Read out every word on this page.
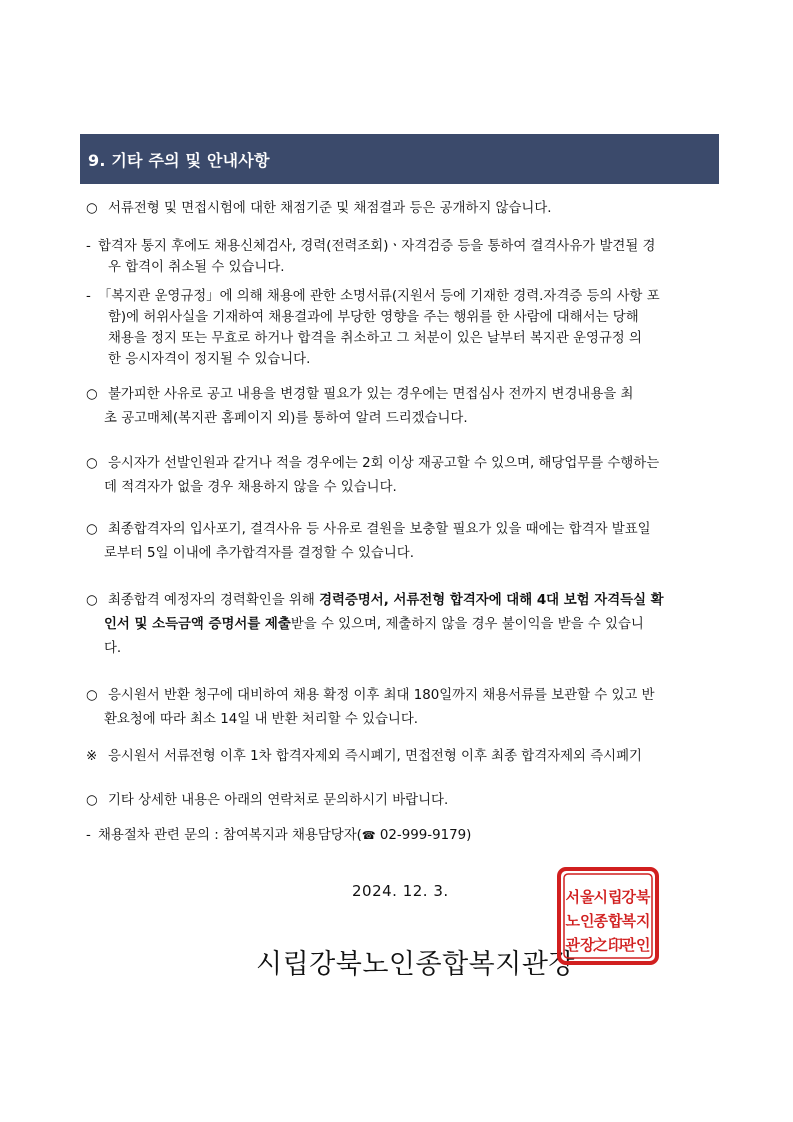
9. 기타 주의 및 안내사항
○ 서류전형 및 면접시험에 대한 채점기준 및 채점결과 등은 공개하지 않습니다.
- 합격자 통지 후에도 채용신체검사, 경력(전력조회)ㆍ자격검증 등을 통하여 결격사유가 발견될 경
우 합격이 취소될 수 있습니다.
- 「복지관 운영규정」에 의해 채용에 관한 소명서류(지원서 등에 기재한 경력.자격증 등의 사항 포
함)에 허위사실을 기재하여 채용결과에 부당한 영향을 주는 행위를 한 사람에 대해서는 당해
채용을 정지 또는 무효로 하거나 합격을 취소하고 그 처분이 있은 날부터 복지관 운영규정 의
한 응시자격이 정지될 수 있습니다.
○ 불가피한 사유로 공고 내용을 변경할 필요가 있는 경우에는 면접심사 전까지 변경내용을 최
초 공고매체(복지관 홈페이지 외)를 통하여 알려 드리겠습니다.
○ 응시자가 선발인원과 같거나 적을 경우에는 2회 이상 재공고할 수 있으며, 해당업무를 수행하는
데 적격자가 없을 경우 채용하지 않을 수 있습니다.
○ 최종합격자의 입사포기, 결격사유 등 사유로 결원을 보충할 필요가 있을 때에는 합격자 발표일
로부터 5일 이내에 추가합격자를 결정할 수 있습니다.
○ 최종합격 예정자의 경력확인을 위해 경력증명서, 서류전형 합격자에 대해 4대 보험 자격득실 확
인서 및 소득금액 증명서를 제출받을 수 있으며, 제출하지 않을 경우 불이익을 받을 수 있습니
다.
○ 응시원서 반환 청구에 대비하여 채용 확정 이후 최대 180일까지 채용서류를 보관할 수 있고 반
환요청에 따라 최소 14일 내 반환 처리할 수 있습니다.
※ 응시원서 서류전형 이후 1차 합격자제외 즉시폐기, 면접전형 이후 최종 합격자제외 즉시폐기
○ 기타 상세한 내용은 아래의 연락처로 문의하시기 바랍니다.
- 채용절차 관련 문의 : 참여복지과 채용담당자(☎ 02-999-9179)
2024. 12. 3.
시립강북노인종합복지관장
서울 시립 강북
노인 종합 복지
관장
之印
관인
